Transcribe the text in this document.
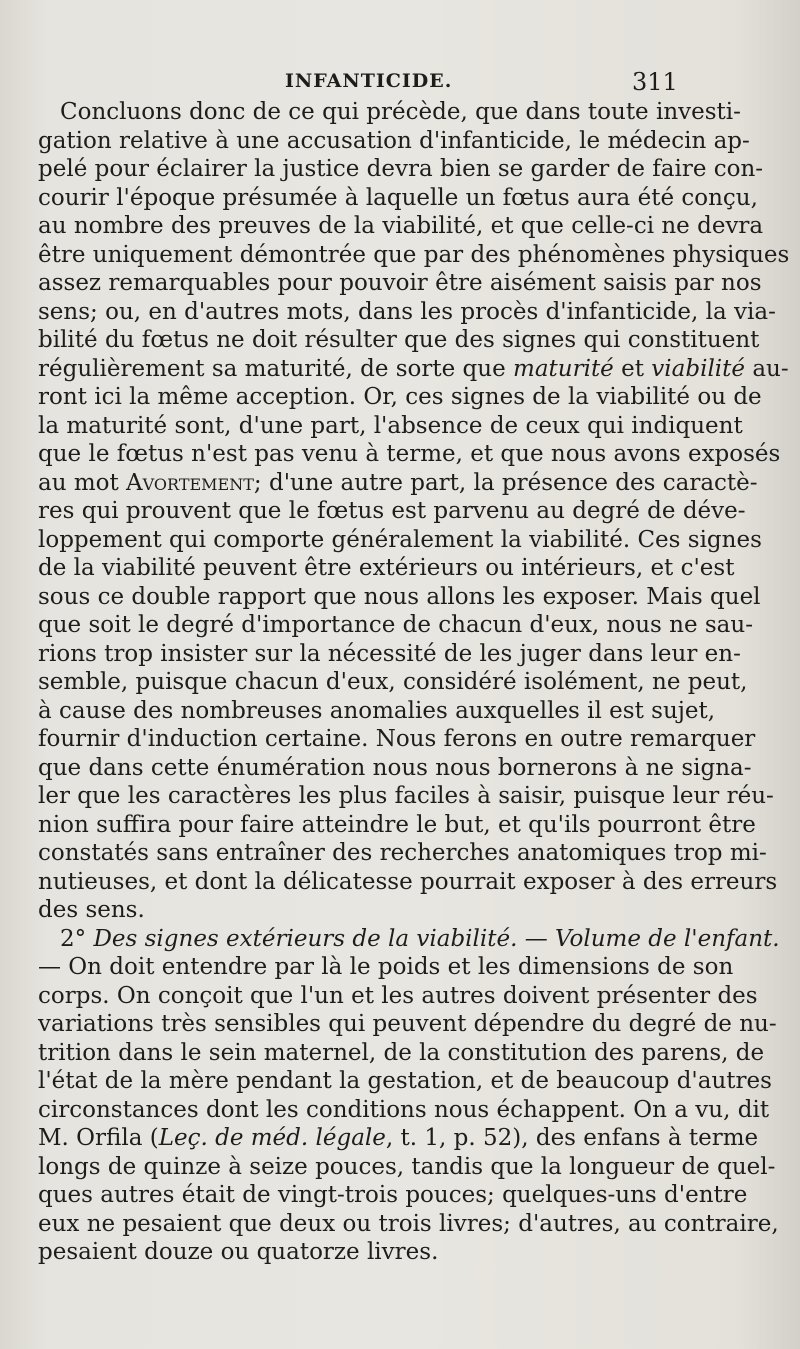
INFANTICIDE.	311
Concluons donc de ce qui précède, que dans toute investi-
gation relative à une accusation d'infanticide, le médecin ap-
pelé pour éclairer la justice devra bien se garder de faire con-
courir l'époque présumée à laquelle un fœtus aura été conçu,
au nombre des preuves de la viabilité, et que celle-ci ne devra
être uniquement démontrée que par des phénomènes physiques
assez remarquables pour pouvoir être aisément saisis par nos
sens; ou, en d'autres mots, dans les procès d'infanticide, la via-
bilité du fœtus ne doit résulter que des signes qui constituent
régulièrement sa maturité, de sorte que maturité et viabilité au-
ront ici la même acception. Or, ces signes de la viabilité ou de
la maturité sont, d'une part, l'absence de ceux qui indiquent
que le fœtus n'est pas venu à terme, et que nous avons exposés
au mot Avortement; d'une autre part, la présence des caractè-
res qui prouvent que le fœtus est parvenu au degré de déve-
loppement qui comporte généralement la viabilité. Ces signes
de la viabilité peuvent être extérieurs ou intérieurs, et c'est
sous ce double rapport que nous allons les exposer. Mais quel
que soit le degré d'importance de chacun d'eux, nous ne sau-
rions trop insister sur la nécessité de les juger dans leur en-
semble, puisque chacun d'eux, considéré isolément, ne peut,
à cause des nombreuses anomalies auxquelles il est sujet,
fournir d'induction certaine. Nous ferons en outre remarquer
que dans cette énumération nous nous bornerons à ne signa-
ler que les caractères les plus faciles à saisir, puisque leur réu-
nion suffira pour faire atteindre le but, et qu'ils pourront être
constatés sans entraîner des recherches anatomiques trop mi-
nutieuses, et dont la délicatesse pourrait exposer à des erreurs
des sens.
2° Des signes extérieurs de la viabilité. — Volume de l'enfant.
— On doit entendre par là le poids et les dimensions de son
corps. On conçoit que l'un et les autres doivent présenter des
variations très sensibles qui peuvent dépendre du degré de nu-
trition dans le sein maternel, de la constitution des parens, de
l'état de la mère pendant la gestation, et de beaucoup d'autres
circonstances dont les conditions nous échappent. On a vu, dit
M. Orfila (Leç. de méd. légale, t. 1, p. 52), des enfans à terme
longs de quinze à seize pouces, tandis que la longueur de quel-
ques autres était de vingt-trois pouces; quelques-uns d'entre
eux ne pesaient que deux ou trois livres; d'autres, au contraire,
pesaient douze ou quatorze livres.
